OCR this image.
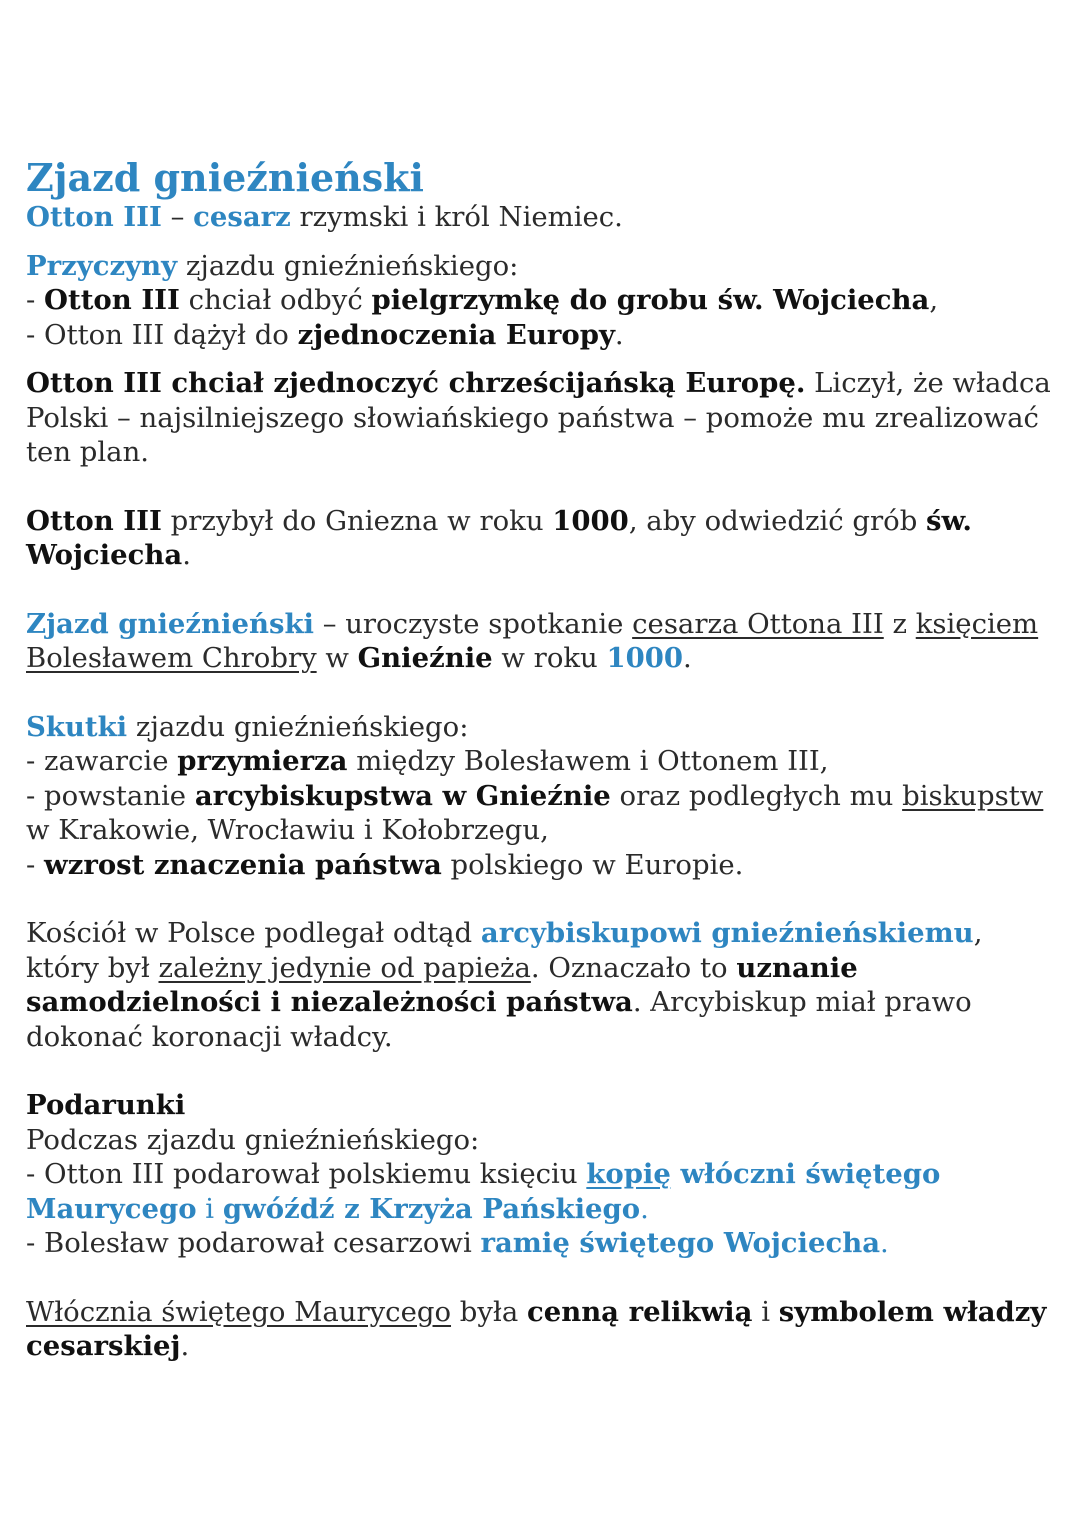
Zjazd gnieźnieński

Otton III – cesarz rzymski i król Niemiec.

Przyczyny zjazdu gnieźnieńskiego:

- Otton III chciał odbyć pielgrzymkę do grobu św. Wojciecha,

- Otton III dążył do zjednoczenia Europy.

Otton III chciał zjednoczyć chrześcijańską Europę. Liczył, że władca Polski – najsilniejszego słowiańskiego państwa – pomoże mu zrealizować ten plan.

Otton III przybył do Gniezna w roku 1000, aby odwiedzić grób św. Wojciecha.

Zjazd gnieźnieński – uroczyste spotkanie cesarza Ottona III z księciem Bolesławem Chrobry w Gnieźnie w roku 1000.

Skutki zjazdu gnieźnieńskiego:

- zawarcie przymierza między Bolesławem i Ottonem III,

- powstanie arcybiskupstwa w Gnieźnie oraz podległych mu biskupstw w Krakowie, Wrocławiu i Kołobrzegu,

- wzrost znaczenia państwa polskiego w Europie.

Kościół w Polsce podlegał odtąd arcybiskupowi gnieźnieńskiemu, który był zależny jedynie od papieża. Oznaczało to uznanie samodzielności i niezależności państwa. Arcybiskup miał prawo dokonać koronacji władcy.

Podarunki

Podczas zjazdu gnieźnieńskiego:

- Otton III podarował polskiemu księciu kopię włóczni świętego Maurycego i gwóźdź z Krzyża Pańskiego.

- Bolesław podarował cesarzowi ramię świętego Wojciecha.

Włócznia świętego Maurycego była cenną relikwią i symbolem władzy cesarskiej.
